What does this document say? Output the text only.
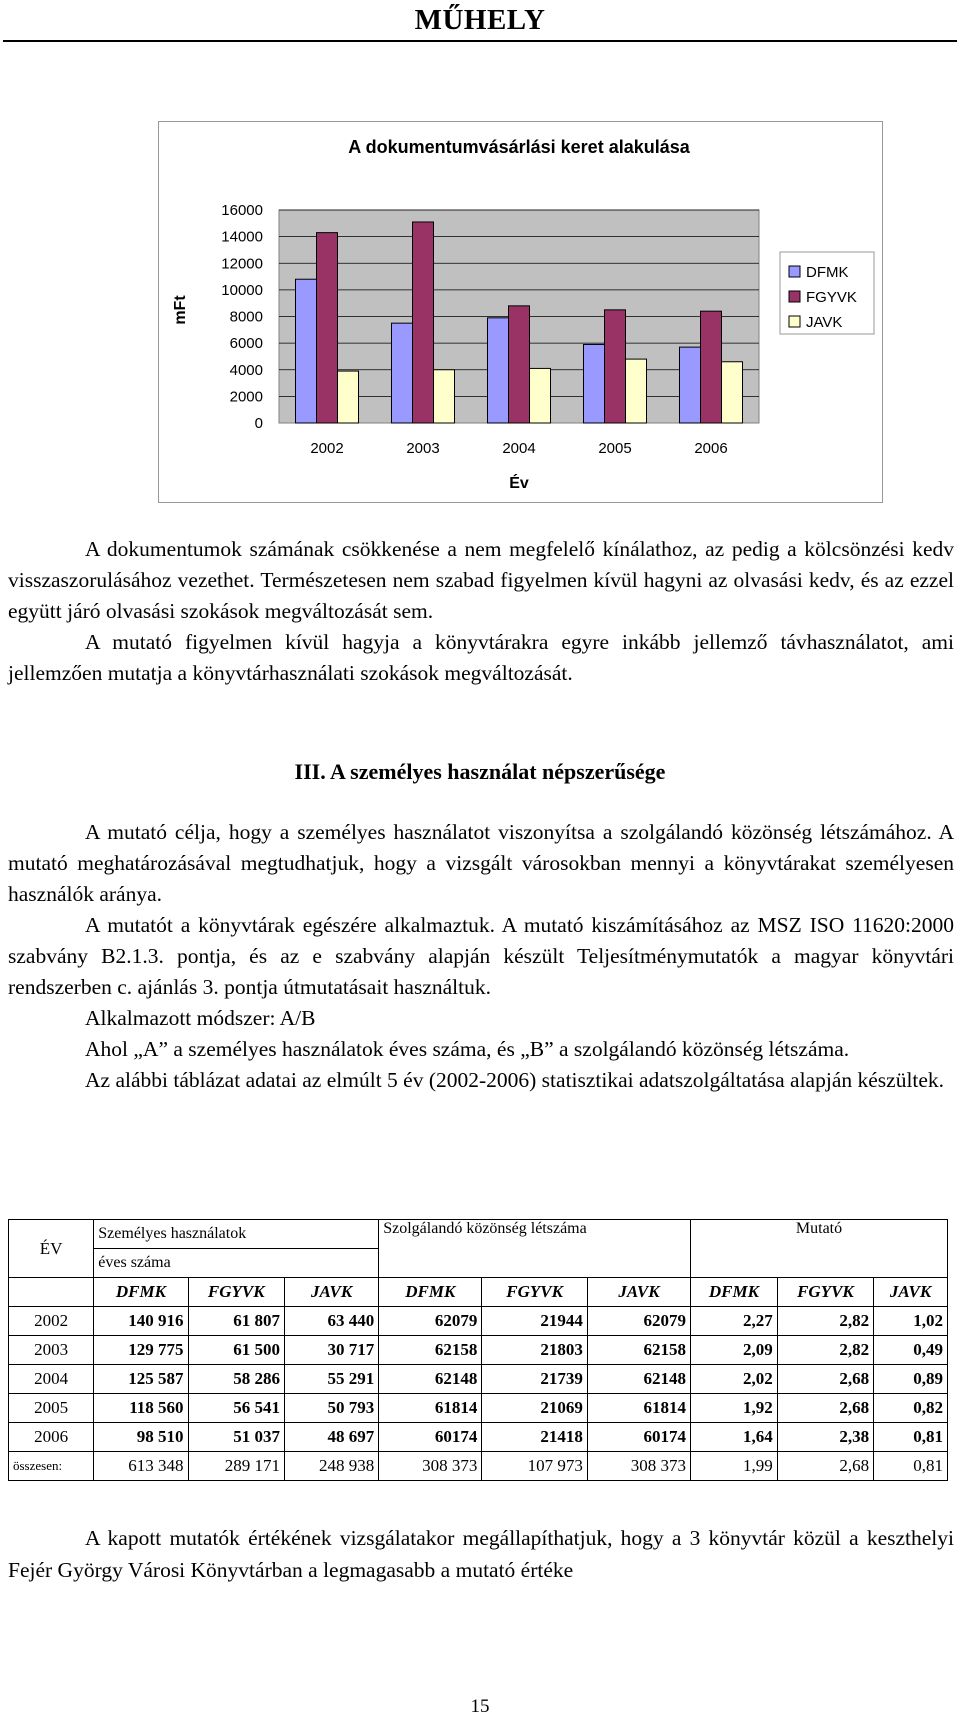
MŰHELY
A dokumentumvásárlási keret alakulása
16000
14000
12000
10000
8000
6000
4000
2000
0
2002	2003	2004	2005	2006
Év
mFt
DFMK
FGYVK
JAVK

A dokumentumok számának csökkenése a nem megfelelő kínálathoz, az pedig a kölcsönzési kedv visszaszorulásához vezethet. Természetesen nem szabad figyelmen kívül hagyni az olvasási kedv, és az ezzel együtt járó olvasási szokások megváltozását sem.

A mutató figyelmen kívül hagyja a könyvtárakra egyre inkább jellemző távhasználatot, ami jellemzően mutatja a könyvtárhasználati szokások megváltozását.

III. A személyes használat népszerűsége

A mutató célja, hogy a személyes használatot viszonyítsa a szolgálandó közönség létszámához. A mutató meghatározásával megtudhatjuk, hogy a vizsgált városokban mennyi a könyvtárakat személyesen használók aránya.

A mutatót a könyvtárak egészére alkalmaztuk. A mutató kiszámításához az MSZ ISO 11620:2000 szabvány B2.1.3. pontja, és az e szabvány alapján készült Teljesítménymutatók a magyar könyvtári rendszerben c. ajánlás 3. pontja útmutatásait használtuk.

Alkalmazott módszer: A/B

Ahol „A” a személyes használatok éves száma, és „B” a szolgálandó közönség létszáma.

Az alábbi táblázat adatai az elmúlt 5 év (2002-2006) statisztikai adatszolgáltatása alapján készültek.

ÉV	Személyes használatok			Szolgálandó közönség létszáma			Mutató		
	éves száma								
	DFMK	FGYVK	JAVK	DFMK	FGYVK	JAVK	DFMK	FGYVK	JAVK
2002	140 916	61 807	63 440	62079	21944	62079	2,27	2,82	1,02
2003	129 775	61 500	30 717	62158	21803	62158	2,09	2,82	0,49
2004	125 587	58 286	55 291	62148	21739	62148	2,02	2,68	0,89
2005	118 560	56 541	50 793	61814	21069	61814	1,92	2,68	0,82
2006	98 510	51 037	48 697	60174	21418	60174	1,64	2,38	0,81
összesen:	613 348	289 171	248 938	308 373	107 973	308 373	1,99	2,68	0,81

A kapott mutatók értékének vizsgálatakor megállapíthatjuk, hogy a 3 könyvtár közül a keszthelyi Fejér György Városi Könyvtárban a legmagasabb a mutató értéke

15
